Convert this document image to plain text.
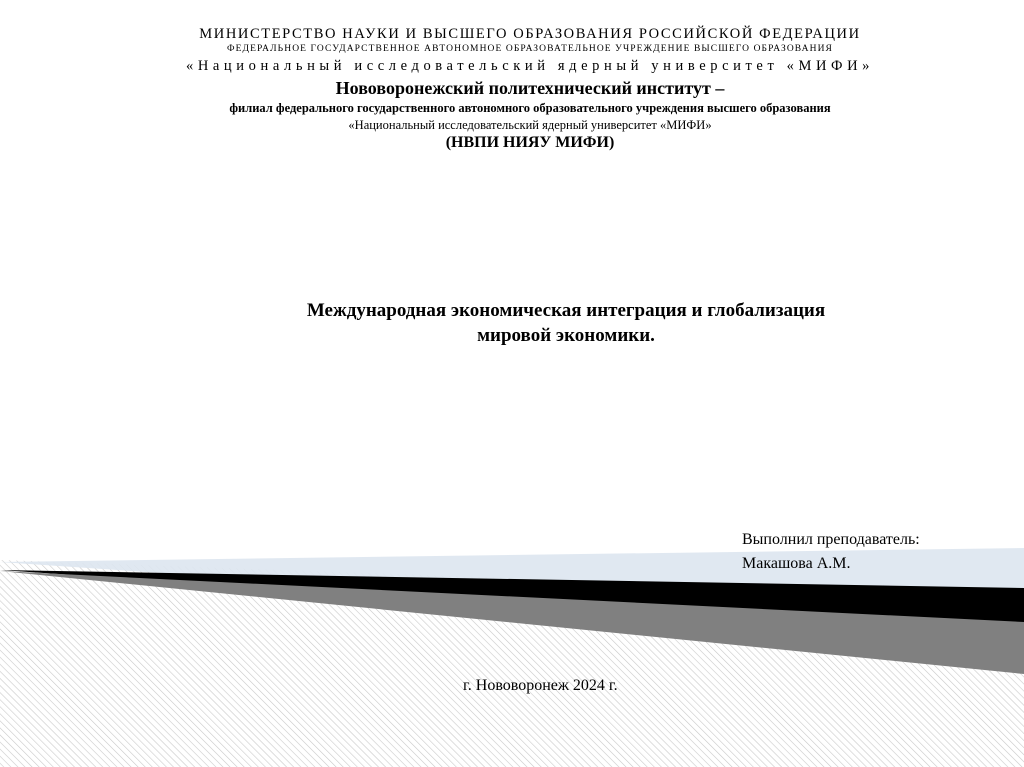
МИНИСТЕРСТВО НАУКИ И ВЫСШЕГО ОБРАЗОВАНИЯ РОССИЙСКОЙ ФЕДЕРАЦИИ
ФЕДЕРАЛЬНОЕ ГОСУДАРСТВЕННОЕ АВТОНОМНОЕ ОБРАЗОВАТЕЛЬНОЕ УЧРЕЖДЕНИЕ ВЫСШЕГО ОБРАЗОВАНИЯ
«Национальный исследовательский ядерный университет «МИФИ»
Нововоронежский политехнический институт –
филиал федерального государственного автономного образовательного учреждения высшего образования
«Национальный исследовательский ядерный университет «МИФИ»
(НВПИ НИЯУ МИФИ)
Международная экономическая интеграция и глобализация
мировой экономики.
Выполнил преподаватель:
Макашова А.М.
г. Нововоронеж 2024 г.
